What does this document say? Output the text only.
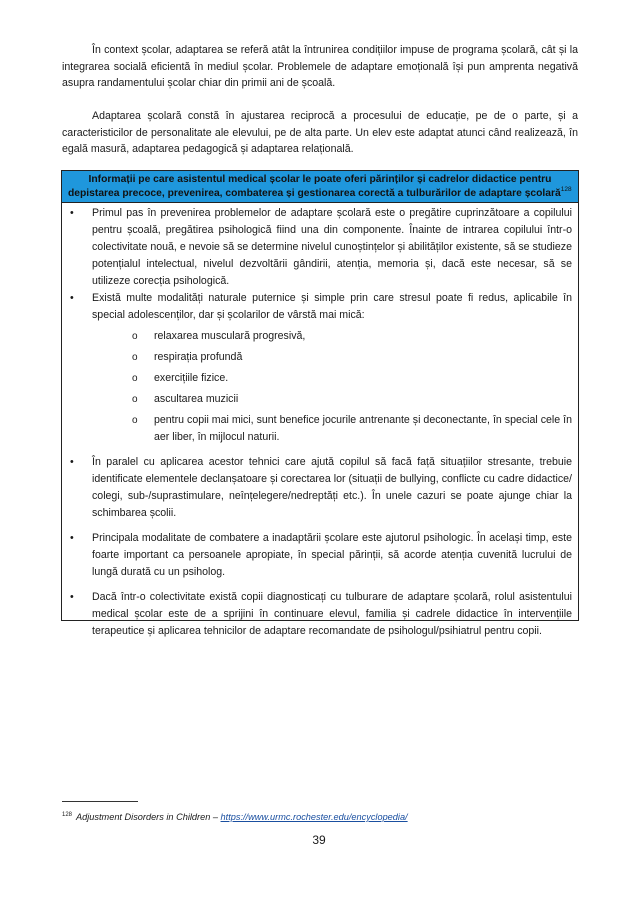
În context școlar, adaptarea se referă atât la întrunirea condițiilor impuse de programa școlară, cât și la integrarea socială eficientă în mediul școlar. Problemele de adaptare emoțională își pun amprenta negativă asupra randamentului școlar chiar din primii ani de școală.

Adaptarea școlară constă în ajustarea reciprocă a procesului de educație, pe de o parte, și a caracteristicilor de personalitate ale elevului, pe de alta parte. Un elev este adaptat atunci când realizează, în egală masură, adaptarea pedagogică și adaptarea relațională.

Informații pe care asistentul medical școlar le poate oferi părinților și cadrelor didactice pentru depistarea precoce, prevenirea, combaterea și gestionarea corectă a tulburărilor de adaptare școlară$^{128}$
• Primul pas în prevenirea problemelor de adaptare școlară este o pregătire cuprinzătoare a copilului pentru școală, pregătirea psihologică fiind una din componente. Înainte de intrarea copilului într-o colectivitate nouă, e nevoie să se determine nivelul cunoștințelor și abilităților existente, să se studieze potențialul intelectual, nivelul dezvoltării gândirii, atenția, memoria și, dacă este necesar, să se utilizeze corecția psihologică.
• Există multe modalități naturale puternice și simple prin care stresul poate fi redus, aplicabile în special adolescenților, dar și școlarilor de vârstă mai mică:
o relaxarea musculară progresivă,
o respirația profundă
o exercițiile fizice.
o ascultarea muzicii
o pentru copii mai mici, sunt benefice jocurile antrenante și deconectante, în special cele în aer liber, în mijlocul naturii.
• În paralel cu aplicarea acestor tehnici care ajută copilul să facă față situațiilor stresante, trebuie identificate elementele declanșatoare și corectarea lor (situații de bullying, conflicte cu cadre didactice/ colegi, sub-/suprastimulare, neînțelegere/nedreptăți etc.). În unele cazuri se poate ajunge chiar la schimbarea școlii.
• Principala modalitate de combatere a inadaptării școlare este ajutorul psihologic. În același timp, este foarte important ca persoanele apropiate, în special părinții, să acorde atenția cuvenită lucrului de lungă durată cu un psiholog.
• Dacă într-o colectivitate există copii diagnosticați cu tulburare de adaptare școlară, rolul asistentului medical școlar este de a sprijini în continuare elevul, familia și cadrele didactice în intervențiile terapeutice și aplicarea tehnicilor de adaptare recomandate de psihologul/psihiatrul pentru copii.
$^{128}$ Adjustment Disorders in Children – https://www.urmc.rochester.edu/encyclopedia/
39
